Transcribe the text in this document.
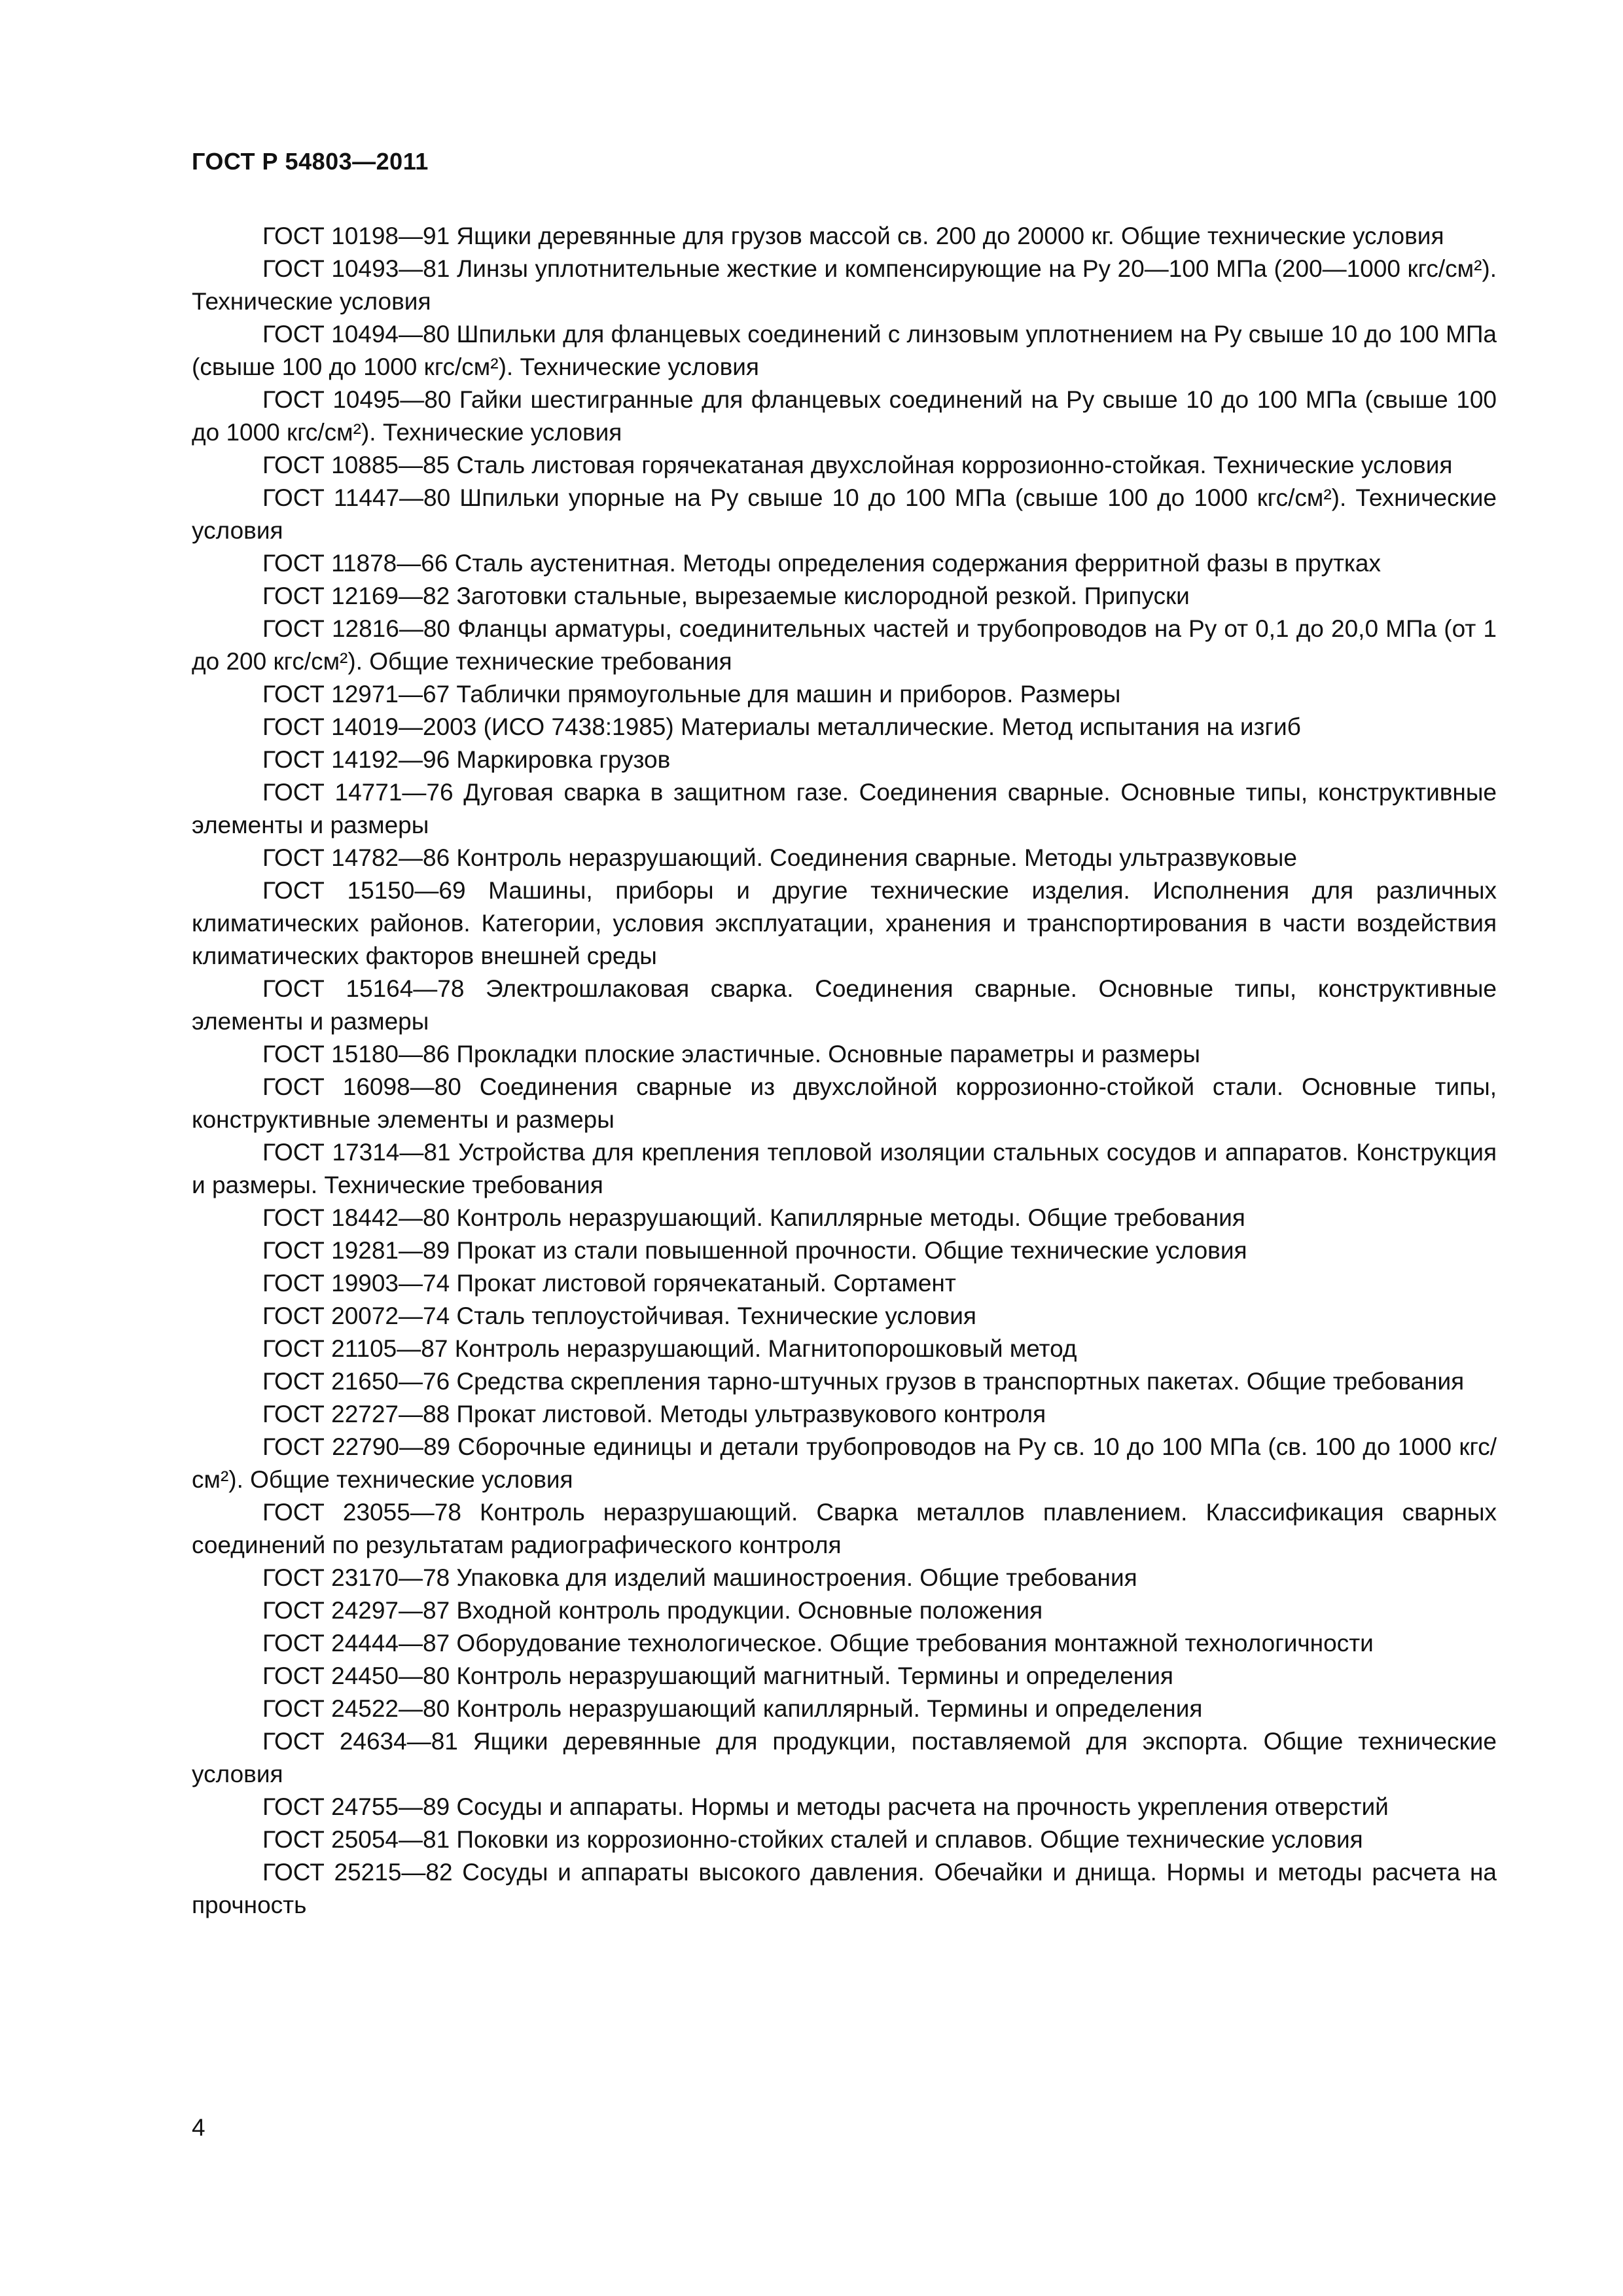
ГОСТ Р 54803—2011
ГОСТ 10198—91 Ящики деревянные для грузов массой св. 200 до 20000 кг. Общие технические условия
ГОСТ 10493—81 Линзы уплотнительные жесткие и компенсирующие на Pу 20—100 МПа (200—1000 кгс/см²). Технические условия
ГОСТ 10494—80 Шпильки для фланцевых соединений с линзовым уплотнением на Pу свыше 10 до 100 МПа (свыше 100 до 1000 кгс/см²). Технические условия
ГОСТ 10495—80 Гайки шестигранные для фланцевых соединений на Pу свыше 10 до 100 МПа (свыше 100 до 1000 кгс/см²). Технические условия
ГОСТ 10885—85 Сталь листовая горячекатаная двухслойная коррозионно-стойкая. Технические условия
ГОСТ 11447—80 Шпильки упорные на Pу свыше 10 до 100 МПа (свыше 100 до 1000 кгс/см²). Технические условия
ГОСТ 11878—66 Сталь аустенитная. Методы определения содержания ферритной фазы в прутках
ГОСТ 12169—82 Заготовки стальные, вырезаемые кислородной резкой. Припуски
ГОСТ 12816—80 Фланцы арматуры, соединительных частей и трубопроводов на Pу от 0,1 до 20,0 МПа (от 1 до 200 кгс/см²). Общие технические требования
ГОСТ 12971—67 Таблички прямоугольные для машин и приборов. Размеры
ГОСТ 14019—2003 (ИСО 7438:1985) Материалы металлические. Метод испытания на изгиб
ГОСТ 14192—96 Маркировка грузов
ГОСТ 14771—76 Дуговая сварка в защитном газе. Соединения сварные. Основные типы, конструктивные элементы и размеры
ГОСТ 14782—86 Контроль неразрушающий. Соединения сварные. Методы ультразвуковые
ГОСТ 15150—69 Машины, приборы и другие технические изделия. Исполнения для различных климатических районов. Категории, условия эксплуатации, хранения и транспортирования в части воздействия климатических факторов внешней среды
ГОСТ 15164—78 Электрошлаковая сварка. Соединения сварные. Основные типы, конструктивные элементы и размеры
ГОСТ 15180—86 Прокладки плоские эластичные. Основные параметры и размеры
ГОСТ 16098—80 Соединения сварные из двухслойной коррозионно-стойкой стали. Основные типы, конструктивные элементы и размеры
ГОСТ 17314—81 Устройства для крепления тепловой изоляции стальных сосудов и аппаратов. Конструкция и размеры. Технические требования
ГОСТ 18442—80 Контроль неразрушающий. Капиллярные методы. Общие требования
ГОСТ 19281—89 Прокат из стали повышенной прочности. Общие технические условия
ГОСТ 19903—74 Прокат листовой горячекатаный. Сортамент
ГОСТ 20072—74 Сталь теплоустойчивая. Технические условия
ГОСТ 21105—87 Контроль неразрушающий. Магнитопорошковый метод
ГОСТ 21650—76 Средства скрепления тарно-штучных грузов в транспортных пакетах. Общие требования
ГОСТ 22727—88 Прокат листовой. Методы ультразвукового контроля
ГОСТ 22790—89 Сборочные единицы и детали трубопроводов на Pу св. 10 до 100 МПа (св. 100 до 1000 кгс/см²). Общие технические условия
ГОСТ 23055—78 Контроль неразрушающий. Сварка металлов плавлением. Классификация сварных соединений по результатам радиографического контроля
ГОСТ 23170—78 Упаковка для изделий машиностроения. Общие требования
ГОСТ 24297—87 Входной контроль продукции. Основные положения
ГОСТ 24444—87 Оборудование технологическое. Общие требования монтажной технологичности
ГОСТ 24450—80 Контроль неразрушающий магнитный. Термины и определения
ГОСТ 24522—80 Контроль неразрушающий капиллярный. Термины и определения
ГОСТ 24634—81 Ящики деревянные для продукции, поставляемой для экспорта. Общие технические условия
ГОСТ 24755—89 Сосуды и аппараты. Нормы и методы расчета на прочность укрепления отверстий
ГОСТ 25054—81 Поковки из коррозионно-стойких сталей и сплавов. Общие технические условия
ГОСТ 25215—82 Сосуды и аппараты высокого давления. Обечайки и днища. Нормы и методы расчета на прочность
4
